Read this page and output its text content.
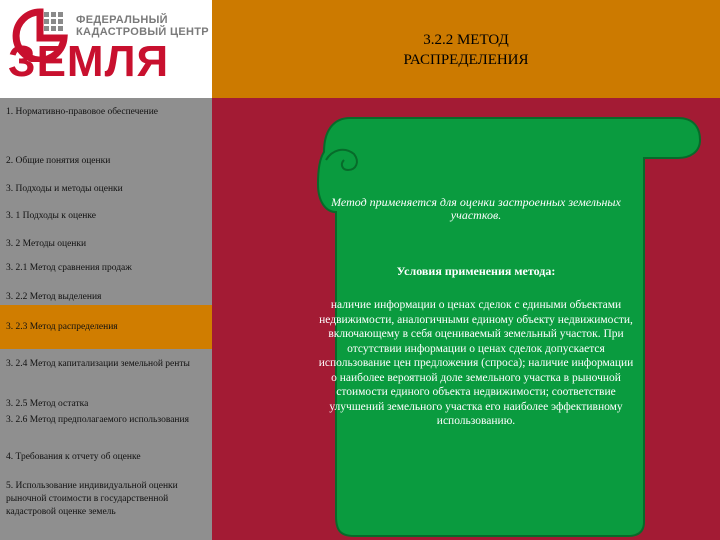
ФЕДЕРАЛЬНЫЙ
КАДАСТРОВЫЙ ЦЕНТР
ЗЕМЛЯ	3.2.2 МЕТОД
РАСПРЕДЕЛЕНИЯ
1. Нормативно-правовое обеспечение
2. Общие понятия оценки
3. Подходы и методы оценки
3. 1 Подходы к оценке
3. 2 Методы оценки
3. 2.1 Метод сравнения продаж
3. 2.2 Метод выделения
3. 2.3 Метод распределения
3. 2.4 Метод капитализации земельной ренты
3. 2.5 Метод остатка
3. 2.6 Метод предполагаемого использования
4. Требования к отчету об оценке
5. Использование индивидуальной оценки рыночной стоимости в государственной кадастровой оценке земель

Метод применяется для оценки застроенных земельных участков.

Условия применения метода:

наличие информации о ценах сделок с едиными объектами недвижимости, аналогичными единому объекту недвижимости, включающему в себя оцениваемый земельный участок. При отсутствии информации о ценах сделок допускается использование цен предложения (спроса); наличие информации о наиболее вероятной доле земельного участка в рыночной стоимости единого объекта недвижимости; соответствие улучшений земельного участка его наиболее эффективному использованию.
